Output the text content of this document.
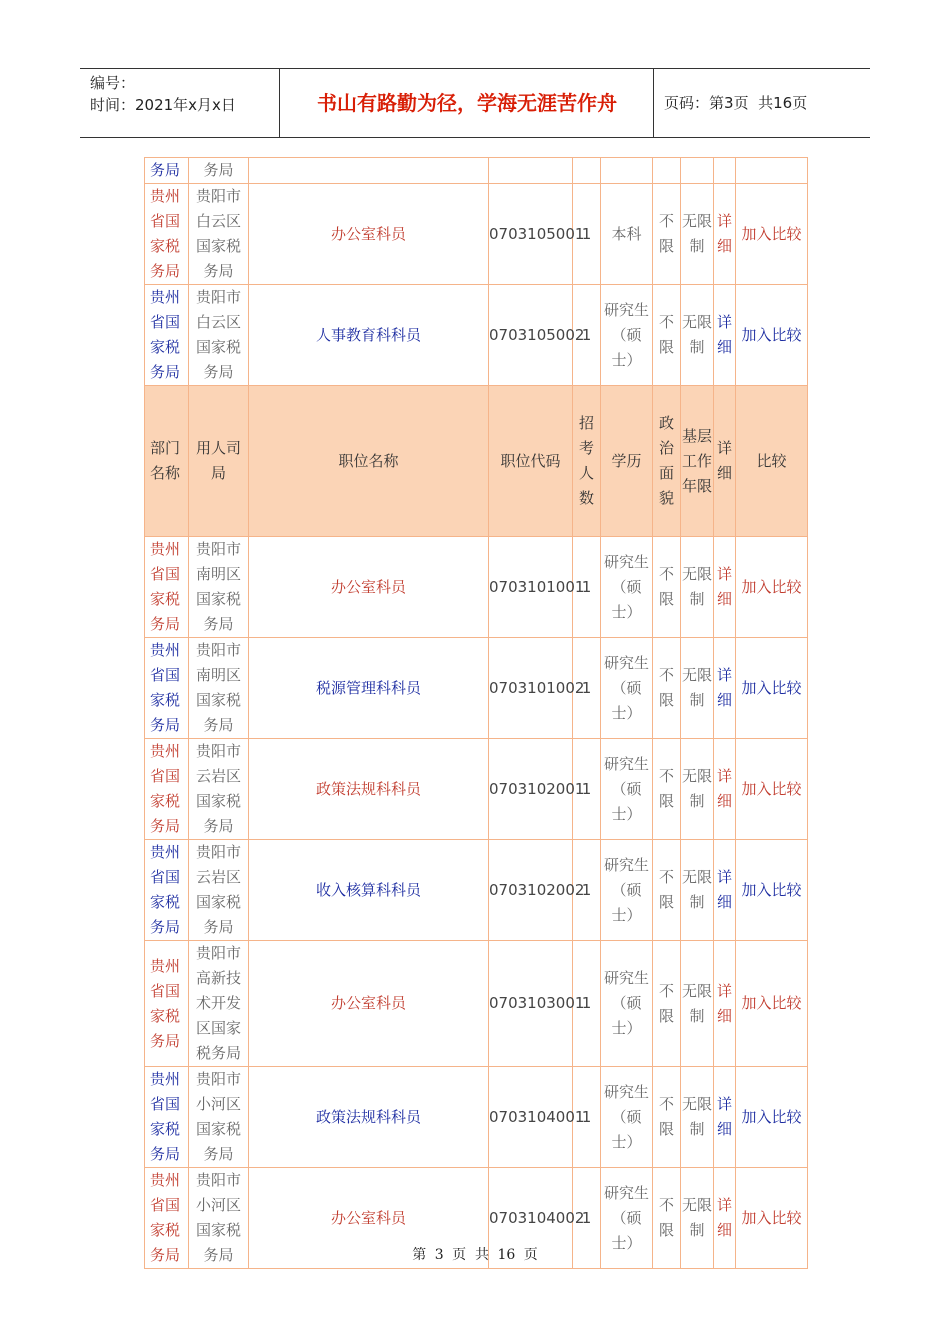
编号：
时间：2021年x月x日	书山有路勤为径，学海无涯苦作舟	页码：第3页  共16页
务局	务局								
贵州省国家税务局	贵阳市白云区国家税务局	办公室科员	0703105001	1	本科	不限	无限制	详细	加入比较
贵州省国家税务局	贵阳市白云区国家税务局	人事教育科科员	0703105002	1	研究生（硕士）	不限	无限制	详细	加入比较
部门名称	用人司局	职位名称	职位代码	招考人数	学历	政治面貌	基层工作年限	详细	比较
贵州省国家税务局	贵阳市南明区国家税务局	办公室科员	0703101001	1	研究生（硕士）	不限	无限制	详细	加入比较
贵州省国家税务局	贵阳市南明区国家税务局	税源管理科科员	0703101002	1	研究生（硕士）	不限	无限制	详细	加入比较
贵州省国家税务局	贵阳市云岩区国家税务局	政策法规科科员	0703102001	1	研究生（硕士）	不限	无限制	详细	加入比较
贵州省国家税务局	贵阳市云岩区国家税务局	收入核算科科员	0703102002	1	研究生（硕士）	不限	无限制	详细	加入比较
贵州省国家税务局	贵阳市高新技术开发区国家税务局	办公室科员	0703103001	1	研究生（硕士）	不限	无限制	详细	加入比较
贵州省国家税务局	贵阳市小河区国家税务局	政策法规科科员	0703104001	1	研究生（硕士）	不限	无限制	详细	加入比较
贵州省国家税务局	贵阳市小河区国家税务局	办公室科员	0703104002	1	研究生（硕士）	不限	无限制	详细	加入比较
第 3 页  共 16 页
